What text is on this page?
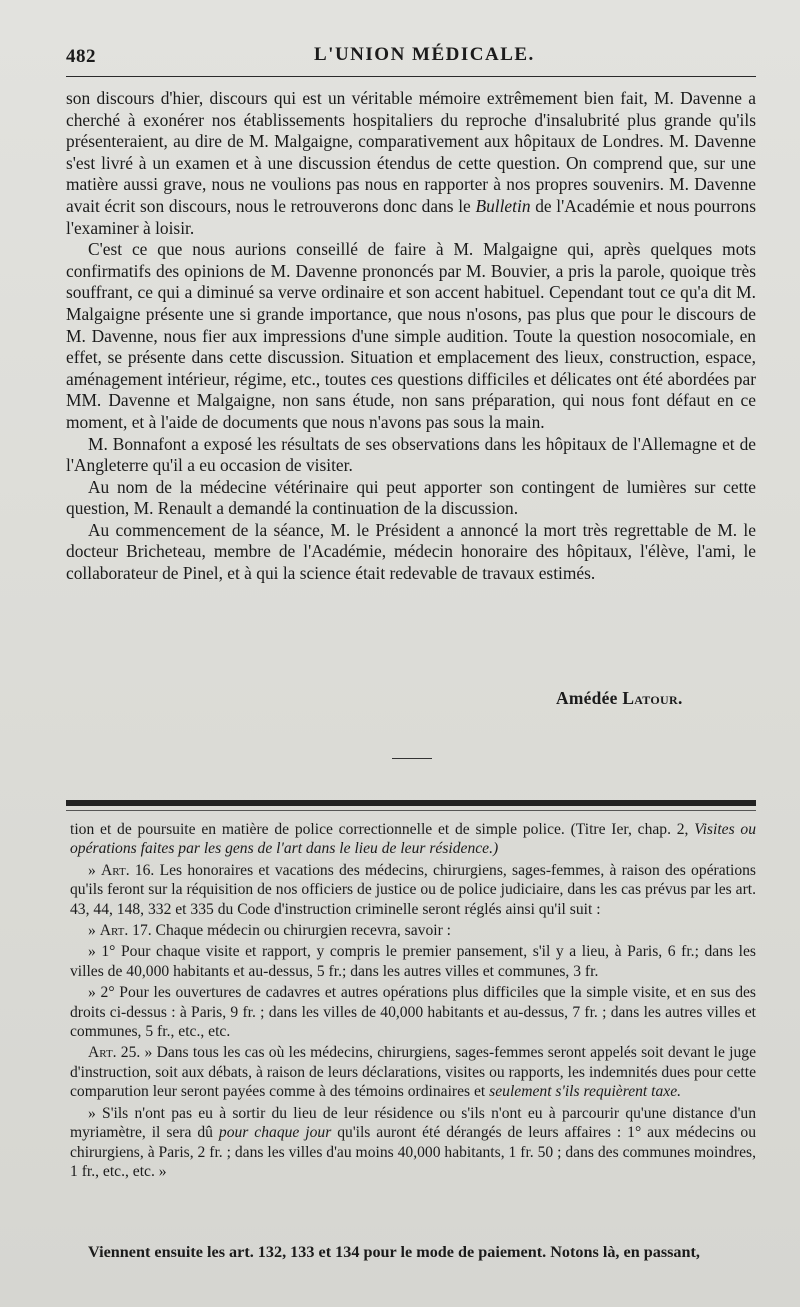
482	L'UNION MÉDICALE.

son discours d'hier, discours qui est un véritable mémoire extrêmement bien fait, M. Davenne a cherché à exonérer nos établissements hospitaliers du reproche d'insalubrité plus grande qu'ils présenteraient, au dire de M. Malgaigne, comparativement aux hôpitaux de Londres. M. Davenne s'est livré à un examen et à une discussion étendus de cette question. On comprend que, sur une matière aussi grave, nous ne voulions pas nous en rapporter à nos propres souvenirs. M. Davenne avait écrit son discours, nous le retrouverons donc dans le Bulletin de l'Académie et nous pourrons l'examiner à loisir.

C'est ce que nous aurions conseillé de faire à M. Malgaigne qui, après quelques mots confirmatifs des opinions de M. Davenne prononcés par M. Bouvier, a pris la parole, quoique très souffrant, ce qui a diminué sa verve ordinaire et son accent habituel. Cependant tout ce qu'a dit M. Malgaigne présente une si grande importance, que nous n'osons, pas plus que pour le discours de M. Davenne, nous fier aux impressions d'une simple audition. Toute la question nosocomiale, en effet, se présente dans cette discussion. Situation et emplacement des lieux, construction, espace, aménagement intérieur, régime, etc., toutes ces questions difficiles et délicates ont été abordées par MM. Davenne et Malgaigne, non sans étude, non sans préparation, qui nous font défaut en ce moment, et à l'aide de documents que nous n'avons pas sous la main.

M. Bonnafont a exposé les résultats de ses observations dans les hôpitaux de l'Allemagne et de l'Angleterre qu'il a eu occasion de visiter.

Au nom de la médecine vétérinaire qui peut apporter son contingent de lumières sur cette question, M. Renault a demandé la continuation de la discussion.

Au commencement de la séance, M. le Président a annoncé la mort très regrettable de M. le docteur Bricheteau, membre de l'Académie, médecin honoraire des hôpitaux, l'élève, l'ami, le collaborateur de Pinel, et à qui la science était redevable de travaux estimés.

Amédée Latour.

tion et de poursuite en matière de police correctionnelle et de simple police. (Titre Ier, chap. 2, Visites ou opérations faites par les gens de l'art dans le lieu de leur résidence.)

» Art. 16. Les honoraires et vacations des médecins, chirurgiens, sages-femmes, à raison des opérations qu'ils feront sur la réquisition de nos officiers de justice ou de police judiciaire, dans les cas prévus par les art. 43, 44, 148, 332 et 335 du Code d'instruction criminelle seront réglés ainsi qu'il suit :

» Art. 17. Chaque médecin ou chirurgien recevra, savoir :

» 1° Pour chaque visite et rapport, y compris le premier pansement, s'il y a lieu, à Paris, 6 fr.; dans les villes de 40,000 habitants et au-dessus, 5 fr.; dans les autres villes et communes, 3 fr.

» 2° Pour les ouvertures de cadavres et autres opérations plus difficiles que la simple visite, et en sus des droits ci-dessus : à Paris, 9 fr. ; dans les villes de 40,000 habitants et au-dessus, 7 fr. ; dans les autres villes et communes, 5 fr., etc., etc.

Art. 25. » Dans tous les cas où les médecins, chirurgiens, sages-femmes seront appelés soit devant le juge d'instruction, soit aux débats, à raison de leurs déclarations, visites ou rapports, les indemnités dues pour cette comparution leur seront payées comme à des témoins ordinaires et seulement s'ils requièrent taxe.

» S'ils n'ont pas eu à sortir du lieu de leur résidence ou s'ils n'ont eu à parcourir qu'une distance d'un myriamètre, il sera dû pour chaque jour qu'ils auront été dérangés de leurs affaires : 1° aux médecins ou chirurgiens, à Paris, 2 fr. ; dans les villes d'au moins 40,000 habitants, 1 fr. 50 ; dans des communes moindres, 1 fr., etc., etc. »

Viennent ensuite les art. 132, 133 et 134 pour le mode de paiement. Notons là, en passant,
